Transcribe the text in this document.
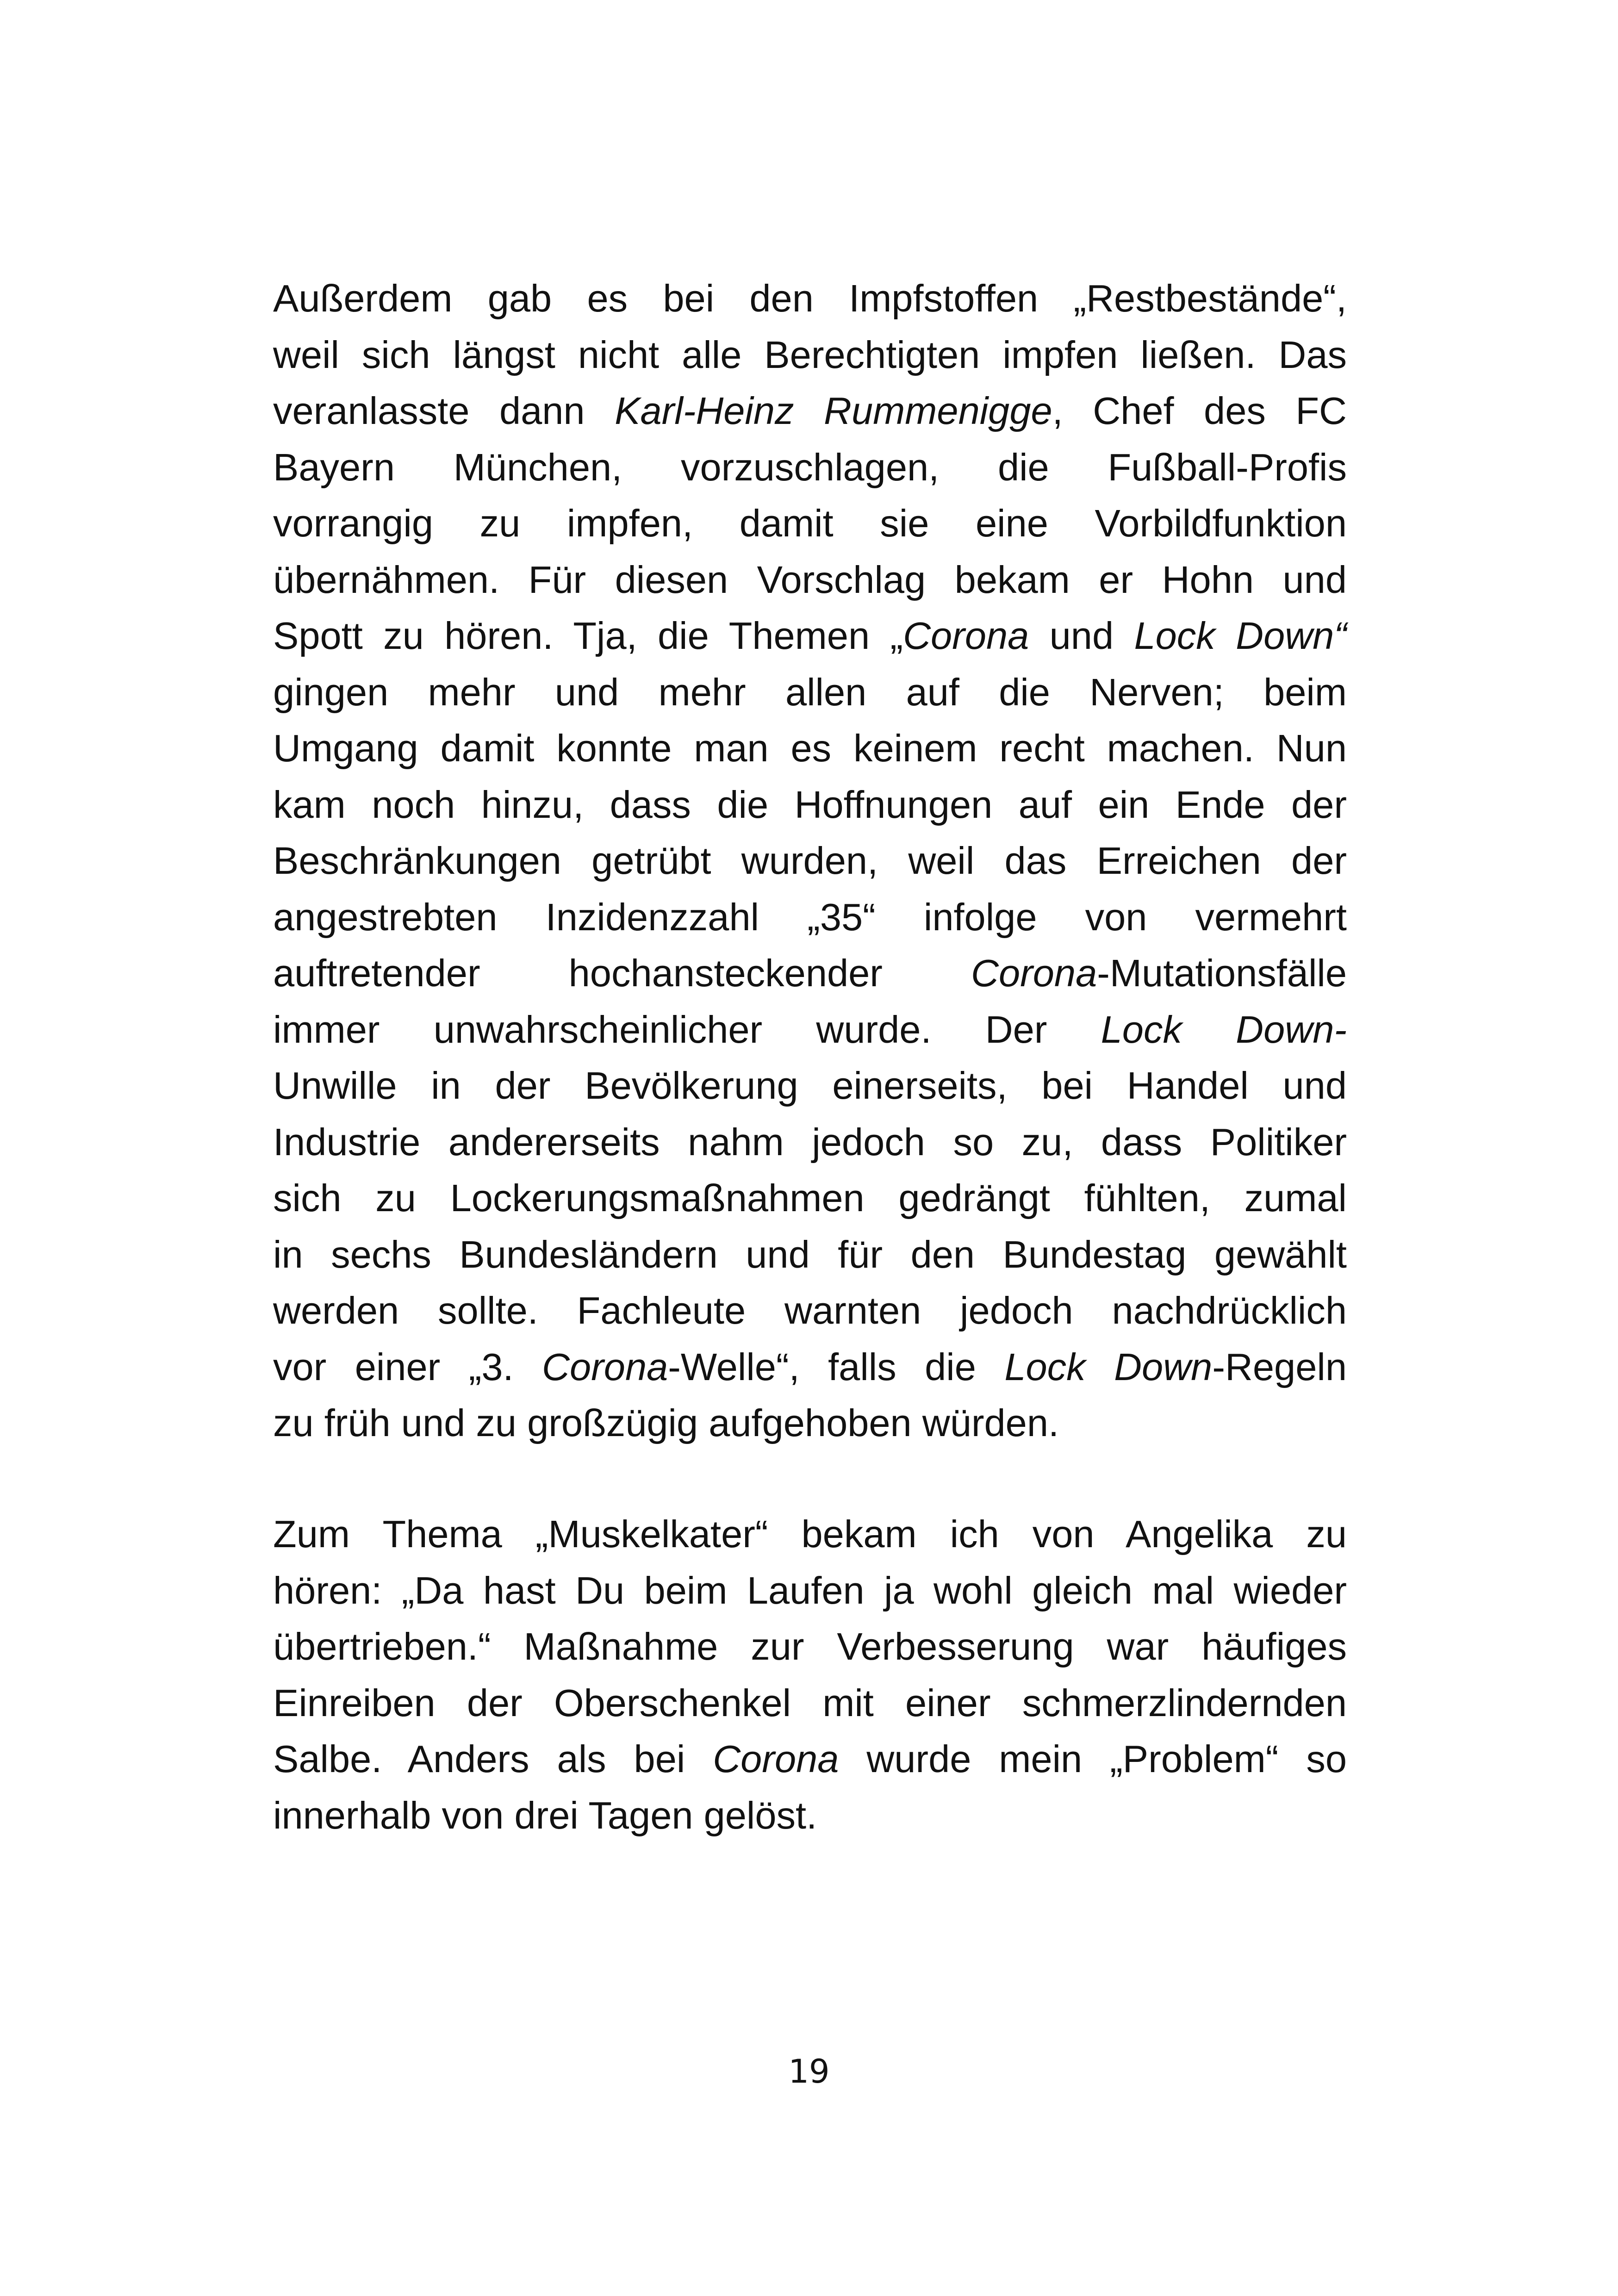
Außerdem gab es bei den Impfstoffen „Restbestände“,
weil sich längst nicht alle Berechtigten impfen ließen. Das
veranlasste dann Karl-Heinz Rummenigge, Chef des FC
Bayern München, vorzuschlagen, die Fußball-Profis
vorrangig zu impfen, damit sie eine Vorbildfunktion
übernähmen. Für diesen Vorschlag bekam er Hohn und
Spott zu hören. Tja, die Themen „Corona und Lock Down“
gingen mehr und mehr allen auf die Nerven; beim
Umgang damit konnte man es keinem recht machen. Nun
kam noch hinzu, dass die Hoffnungen auf ein Ende der
Beschränkungen getrübt wurden, weil das Erreichen der
angestrebten Inzidenzzahl „35“ infolge von vermehrt
auftretender hochansteckender Corona-Mutationsfälle
immer unwahrscheinlicher wurde. Der Lock Down-
Unwille in der Bevölkerung einerseits, bei Handel und
Industrie andererseits nahm jedoch so zu, dass Politiker
sich zu Lockerungsmaßnahmen gedrängt fühlten, zumal
in sechs Bundesländern und für den Bundestag gewählt
werden sollte. Fachleute warnten jedoch nachdrücklich
vor einer „3. Corona-Welle“, falls die Lock Down-Regeln
zu früh und zu großzügig aufgehoben würden.
Zum Thema „Muskelkater“ bekam ich von Angelika zu
hören: „Da hast Du beim Laufen ja wohl gleich mal wieder
übertrieben.“ Maßnahme zur Verbesserung war häufiges
Einreiben der Oberschenkel mit einer schmerzlindernden
Salbe. Anders als bei Corona wurde mein „Problem“ so
innerhalb von drei Tagen gelöst.
19
